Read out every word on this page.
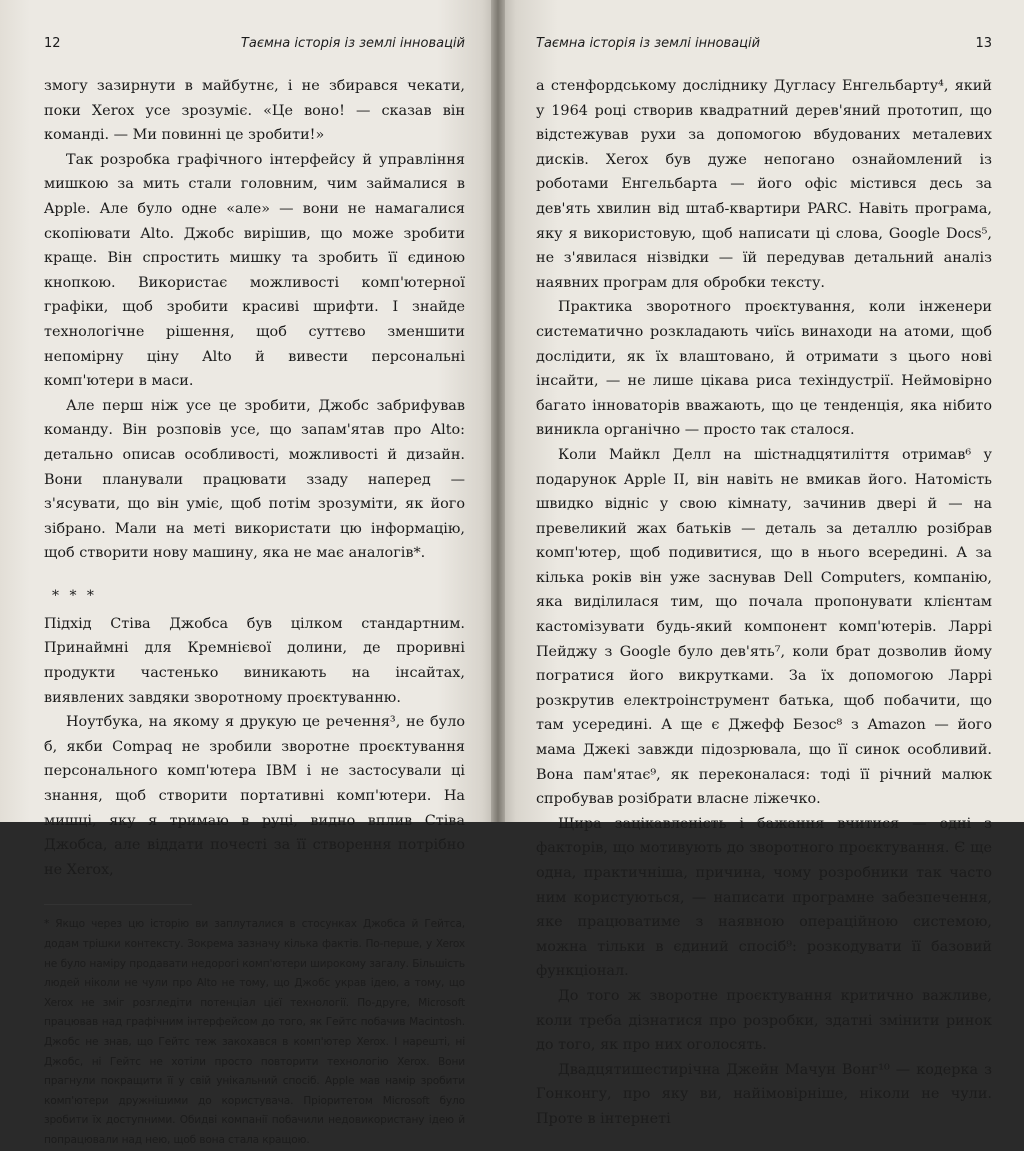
12	Таємна історія із землі інновацій

змогу зазирнути в майбутнє, і не збирався чекати, поки Xerox усе зрозуміє. «Це воно! — сказав він команді. — Ми повинні це зробити!»

Так розробка графічного інтерфейсу й управління мишкою за мить стали головним, чим займалися в Apple. Але було одне «але» — вони не намагалися скопіювати Alto. Джобс вирішив, що може зробити краще. Він спростить мишку та зробить її єдиною кнопкою. Використає можливості комп'ютерної графіки, щоб зробити красиві шрифти. І знайде технологічне рішення, щоб суттєво зменшити непомірну ціну Alto й вивести персональні комп'ютери в маси.

Але перш ніж усе це зробити, Джобс забрифував команду. Він розповів усе, що запам'ятав про Alto: детально описав особливості, можливості й дизайн. Вони планували працювати ззаду наперед — з'ясувати, що він уміє, щоб потім зрозуміти, як його зібрано. Мали на меті використати цю інформацію, щоб створити нову машину, яка не має аналогів*.

* * *

Підхід Стіва Джобса був цілком стандартним. Принаймні для Кремнієвої долини, де проривні продукти частенько виникають на інсайтах, виявлених завдяки зворотному проєктуванню.

Ноутбука, на якому я друкую це речення³, не було б, якби Compaq не зробили зворотне проєктування персонального комп'ютера IBM і не застосували ці знання, щоб створити портативні комп'ютери. На мишці, яку я тримаю в руці, видно вплив Стіва Джобса, але віддати почесті за її створення потрібно не Xerox,

* Якщо через цю історію ви заплуталися в стосунках Джобса й Гейтса, додам трішки контексту. Зокрема зазначу кілька фактів. По-перше, у Xerox не було наміру продавати недорогі комп'ютери широкому загалу. Більшість людей ніколи не чули про Alto не тому, що Джобс украв ідею, а тому, що Xerox не зміг розгледіти потенціал цієї технології. По-друге, Microsoft працював над графічним інтерфейсом до того, як Гейтс побачив Macintosh. Джобс не знав, що Гейтс теж закохався в комп'ютер Xerox. І нарешті, ні Джобс, ні Гейтс не хотіли просто повторити технологію Xerox. Вони прагнули покращити її у свій унікальний спосіб. Apple мав намір зробити комп'ютери дружнішими до користувача. Пріоритетом Microsoft було зробити їх доступними. Обидві компанії побачили недовикористану ідею й попрацювали над нею, щоб вона стала кращою.
Таємна історія із землі інновацій	13

а стенфордському досліднику Дугласу Енгельбарту⁴, який у 1964 році створив квадратний дерев'яний прототип, що відстежував рухи за допомогою вбудованих металевих дисків. Xerox був дуже непогано ознайомлений із роботами Енгельбарта — його офіс містився десь за дев'ять хвилин від штаб-квартири PARC. Навіть програма, яку я використовую, щоб написати ці слова, Google Docs⁵, не з'явилася нізвідки — їй передував детальний аналіз наявних програм для обробки тексту.

Практика зворотного проєктування, коли інженери систематично розкладають чиїсь винаходи на атоми, щоб дослідити, як їх влаштовано, й отримати з цього нові інсайти, — не лише цікава риса техіндустрії. Неймовірно багато інноваторів вважають, що це тенденція, яка нібито виникла органічно — просто так сталося.

Коли Майкл Делл на шістнадцятиліття отримав⁶ у подарунок Apple II, він навіть не вмикав його. Натомість швидко відніс у свою кімнату, зачинив двері й — на превеликий жах батьків — деталь за деталлю розібрав комп'ютер, щоб подивитися, що в нього всередині. А за кілька років він уже заснував Dell Computers, компанію, яка виділилася тим, що почала пропонувати клієнтам кастомізувати будь-який компонент комп'ютерів. Ларрі Пейджу з Google було дев'ять⁷, коли брат дозволив йому погратися його викрутками. За їх допомогою Ларрі розкрутив електроінструмент батька, щоб побачити, що там усередині. А ще є Джефф Безос⁸ з Amazon — його мама Джекі завжди підозрювала, що її синок особливий. Вона пам'ятає⁹, як переконалася: тоді її річний малюк спробував розібрати власне ліжечко.

Щира зацікавленість і бажання вчитися — одні з факторів, що мотивують до зворотного проєктування. Є ще одна, практичніша, причина, чому розробники так часто ним користуються, — написати програмне забезпечення, яке працюватиме з наявною операційною системою, можна тільки в єдиний спосіб⁹: розкодувати її базовий функціонал.

До того ж зворотне проєктування критично важливе, коли треба дізнатися про розробки, здатні змінити ринок до того, як про них оголосять.

Двадцятишестирічна Джейн Мачун Вонг¹⁰ — кодерка з Гонконгу, про яку ви, найімовірніше, ніколи не чули. Проте в інтернеті
